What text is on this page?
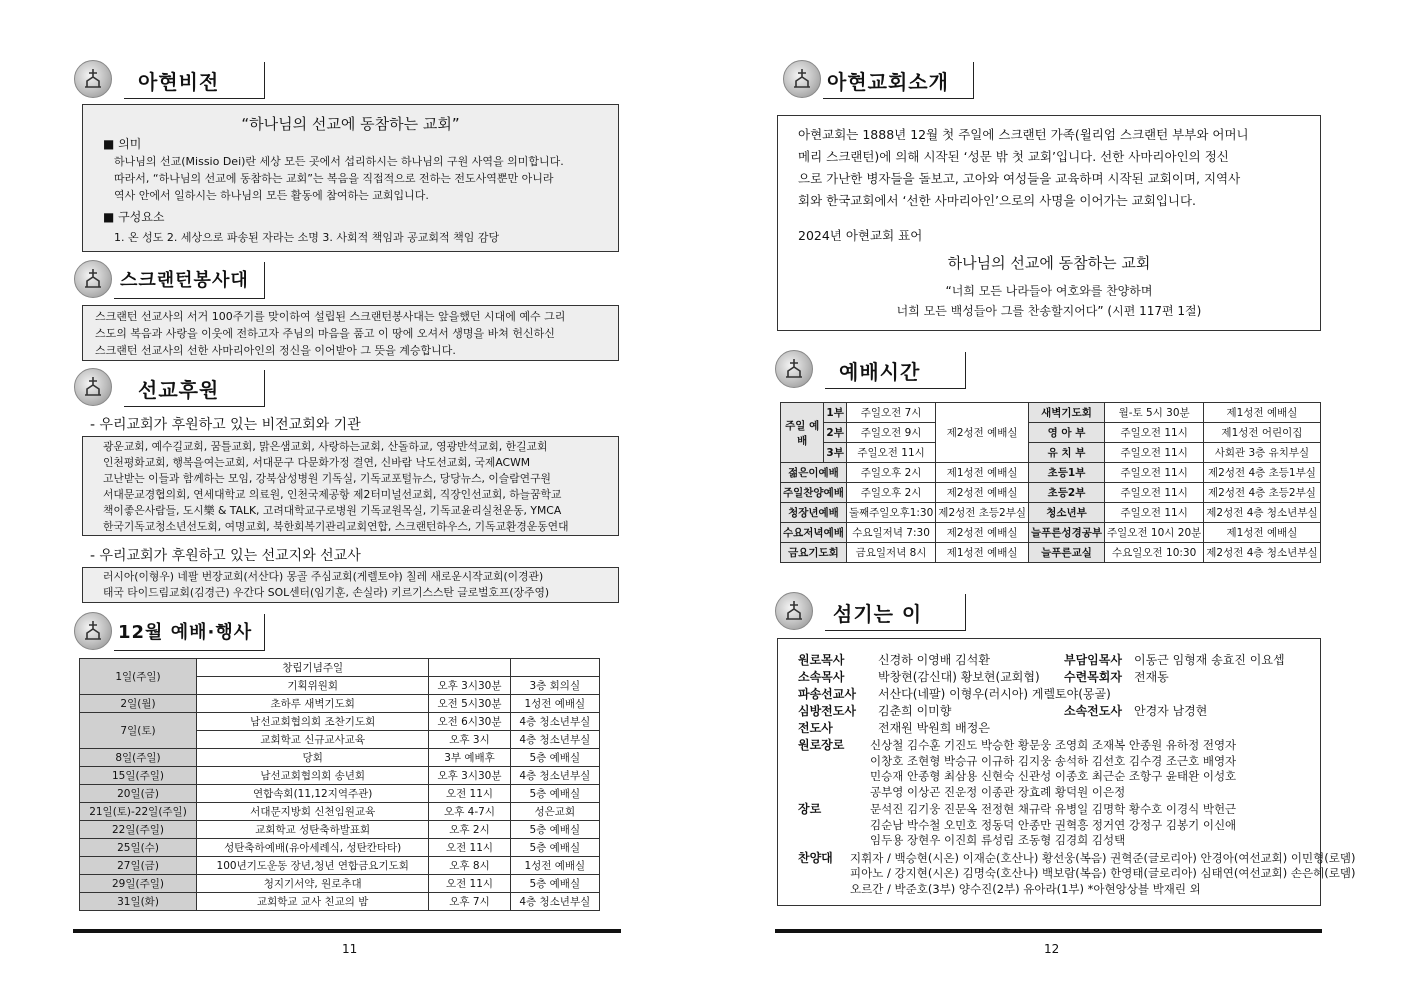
아현비전
“하나님의 선교에 동참하는 교회”
■ 의미

하나님의 선교(Missio Dei)란 세상 모든 곳에서 섭리하시는 하나님의 구원 사역을 의미합니다.

따라서, “하나님의 선교에 동참하는 교회”는 복음을 직접적으로 전하는 전도사역뿐만 아니라

역사 안에서 일하시는 하나님의 모든 활동에 참여하는 교회입니다.

■ 구성요소
1. 온 성도 2. 세상으로 파송된 자라는 소명 3. 사회적 책임과 공교회적 책임 감당
스크랜턴봉사대

스크랜턴 선교사의 서거 100주기를 맞이하여 설립된 스크랜턴봉사대는 앞을했던 시대에 예수 그리

스도의 복음과 사랑을 이웃에 전하고자 주님의 마음을 품고 이 땅에 오셔서 생명을 바쳐 헌신하신

스크랜턴 선교사의 선한 사마리아인의 정신을 이어받아 그 뜻을 계승합니다.

선교후원
- 우리교회가 후원하고 있는 비전교회와 기관

광운교회, 예수길교회, 꿈틀교회, 맑은샘교회, 사랑하는교회, 산돌하교, 영광반석교회, 한길교회

인천평화교회, 행복을여는교회, 서대문구 다문화가정 결연, 신바람 낙도선교회, 국제ACWM

고난받는 이들과 함께하는 모임, 강북삼성병원 기독실, 기독교포털뉴스, 당당뉴스, 이슬람연구원

서대문교경협의회, 연세대학교 의료원, 인천국제공항 제2터미널선교회, 직장인선교회, 하늘꿈학교

책이좋은사람들, 도시樂 & TALK, 고려대학교구로병원 기독교원목실, 기독교윤리실천운동, YMCA

한국기독교청소년선도회, 여명교회, 북한회복기관리교회연합, 스크랜턴하우스, 기독교환경운동연대

- 우리교회가 후원하고 있는 선교지와 선교사

러시아(이형우) 네팔 번장교회(서산다) 몽골 주심교회(게렐토야) 칠레 새로운시작교회(이경관)

태국 타이드림교회(김경근) 우간다 SOL센터(임기훈, 손실라) 키르기스스탄 글로벌호프(장주영)

12월 예배·행사
1일(주일)	창립기념주일		
	기획위원회	오후 3시30분	3층 회의실
2일(월)	초하루 새벽기도회	오전 5시30분	1성전 예배실
7일(토)	남선교회협의회 조찬기도회	오전 6시30분	4층 청소년부실
	교회학교 신규교사교육	오후 3시	4층 청소년부실
8일(주일)	당회	3부 예배후	5층 예배실
15일(주일)	남선교회협의회 송년회	오후 3시30분	4층 청소년부실
20일(금)	연합속회(11,12지역주관)	오전 11시	5층 예배실
21일(토)-22일(주일)	서대문지방회 신천임원교육	오후 4-7시	성은교회
22일(주일)	교회학교 성탄축하발표회	오후 2시	5층 예배실
25일(수)	성탄축하예배(유아세례식, 성탄칸타타)	오전 11시	5층 예배실
27일(금)	100년기도운동 장년,청년 연합금요기도회	오후 8시	1성전 예배실
29일(주일)	청지기서약, 원로추대	오전 11시	5층 예배실
31일(화)	교회학교 교사 친교의 밤	오후 7시	4층 청소년부실
11
아현교회소개

아현교회는 1888년 12월 첫 주일에 스크랜턴 가족(윌리엄 스크랜턴 부부와 어머니

메리 스크랜턴)에 의해 시작된 ‘성문 밖 첫 교회’입니다. 선한 사마리아인의 정신

으로 가난한 병자들을 돌보고, 고아와 여성들을 교육하며 시작된 교회이며, 지역사

회와 한국교회에서 ‘선한 사마리아인’으로의 사명을 이어가는 교회입니다.

2024년 아현교회 표어
하나님의 선교에 동참하는 교회
“너희 모든 나라들아 여호와를 찬양하며
너희 모든 백성들아 그를 찬송할지어다” (시편 117편 1절)
예배시간
주일 예배	1부	주일오전 7시	제2성전 예배실	새벽기도회	월-토 5시 30분	제1성전 예배실
	2부	주일오전 9시		영 아 부	주일오전 11시	제1성전 어린이집
	3부	주일오전 11시		유 치 부	주일오전 11시	사회관 3층 유치부실
젊은이예배		주일오후 2시	제1성전 예배실	초등1부	주일오전 11시	제2성전 4층 초등1부실
주일찬양예배		주일오후 2시	제2성전 예배실	초등2부	주일오전 11시	제2성전 4층 초등2부실
청장년예배		둘째주일오후1:30	제2성전 초등2부실	청소년부	주일오전 11시	제2성전 4층 청소년부실
수요저녁예배		수요일저녁 7:30	제2성전 예배실	늘푸른성경공부	주일오전 10시 20분	제1성전 예배실
금요기도회		금요일저녁 8시	제1성전 예배실	늘푸른교실	수요일오전 10:30	제2성전 4층 청소년부실
섬기는 이
원로목사	신경하 이영배 김석환	부담임목사 이동근 임형재 송효진 이요셉
소속목사	박창현(감신대) 황보현(교회협) 수련목회자 전재동
파송선교사 서산다(네팔) 이형우(러시아) 게렐토야(몽골)
심방전도사 김춘희 이미향	소속전도사 안경자 남경현
전도사	전재원 박원희 배정은
원로장로 신상철 김수훈 기진도 박승한 황문웅 조영희 조재복 안종원 유하정 전영자
이창호 조현형 박승규 이규하 김지웅 송석하 김선호 김수경 조근호 배영자
민승재 안종형 최삼용 신현숙 신관성 이종호 최근순 조항구 윤태완 이성호
공부영 이상곤 진운정 이종관 장효례 황덕원 이은정
장로	문석진 김기웅 진문옥 전정현 채규락 유병일 김명학 황수호 이경식 박헌근
김순남 박수철 오민호 정동덕 안종만 권혁흥 정거연 강정구 김봉기 이신애
임두용 장현우 이진희 류성림 조동형 김경희 김성택
찬양대 지휘자 / 백승현(시온) 이재순(호산나) 황선웅(복음) 권혁준(글로리아) 안경아(여선교회) 이민형(로뎀)
피아노 / 강지현(시온) 김명숙(호산나) 백보람(복음) 한영태(글로리아) 심태연(여선교회) 손은혜(로뎀)
오르간 / 박준호(3부) 양수진(2부) 유아라(1부) *아현앙상블 박재린 외
12
